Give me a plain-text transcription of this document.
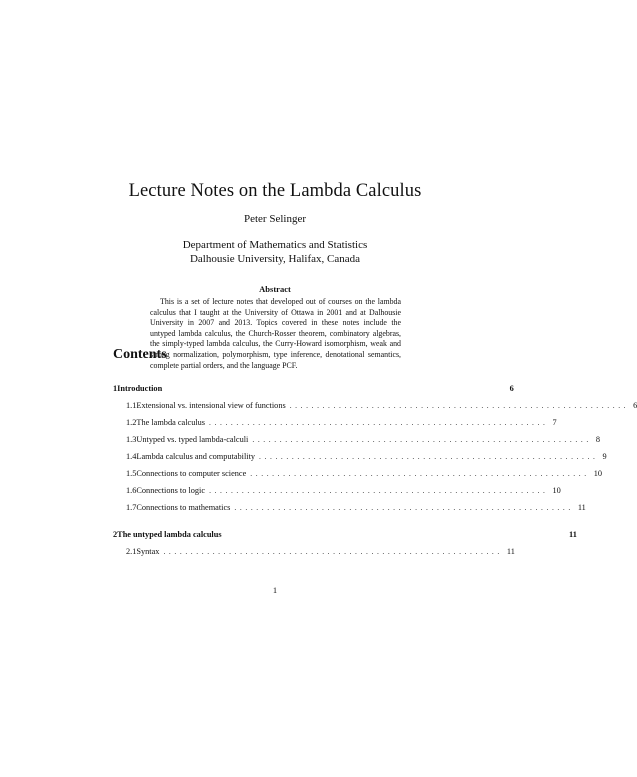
Lecture Notes on the Lambda Calculus
Peter Selinger
Department of Mathematics and Statistics
Dalhousie University, Halifax, Canada
Abstract
This is a set of lecture notes that developed out of courses on the lambda calculus that I taught at the University of Ottawa in 2001 and at Dalhousie University in 2007 and 2013. Topics covered in these notes include the untyped lambda calculus, the Church-Rosser theorem, combinatory algebras, the simply-typed lambda calculus, the Curry-Howard isomorphism, weak and strong normalization, polymorphism, type inference, denotational semantics, complete partial orders, and the language PCF.
Contents
1 Introduction	6
1.1 Extensional vs. intensional view of functions .............................................................. 6
1.2 The lambda calculus .............................................................. 7
1.3 Untyped vs. typed lambda-calculi .............................................................. 8
1.4 Lambda calculus and computability .............................................................. 9
1.5 Connections to computer science .............................................................. 10
1.6 Connections to logic .............................................................. 10
1.7 Connections to mathematics .............................................................. 11
2 The untyped lambda calculus	11
2.1 Syntax .............................................................. 11
1
